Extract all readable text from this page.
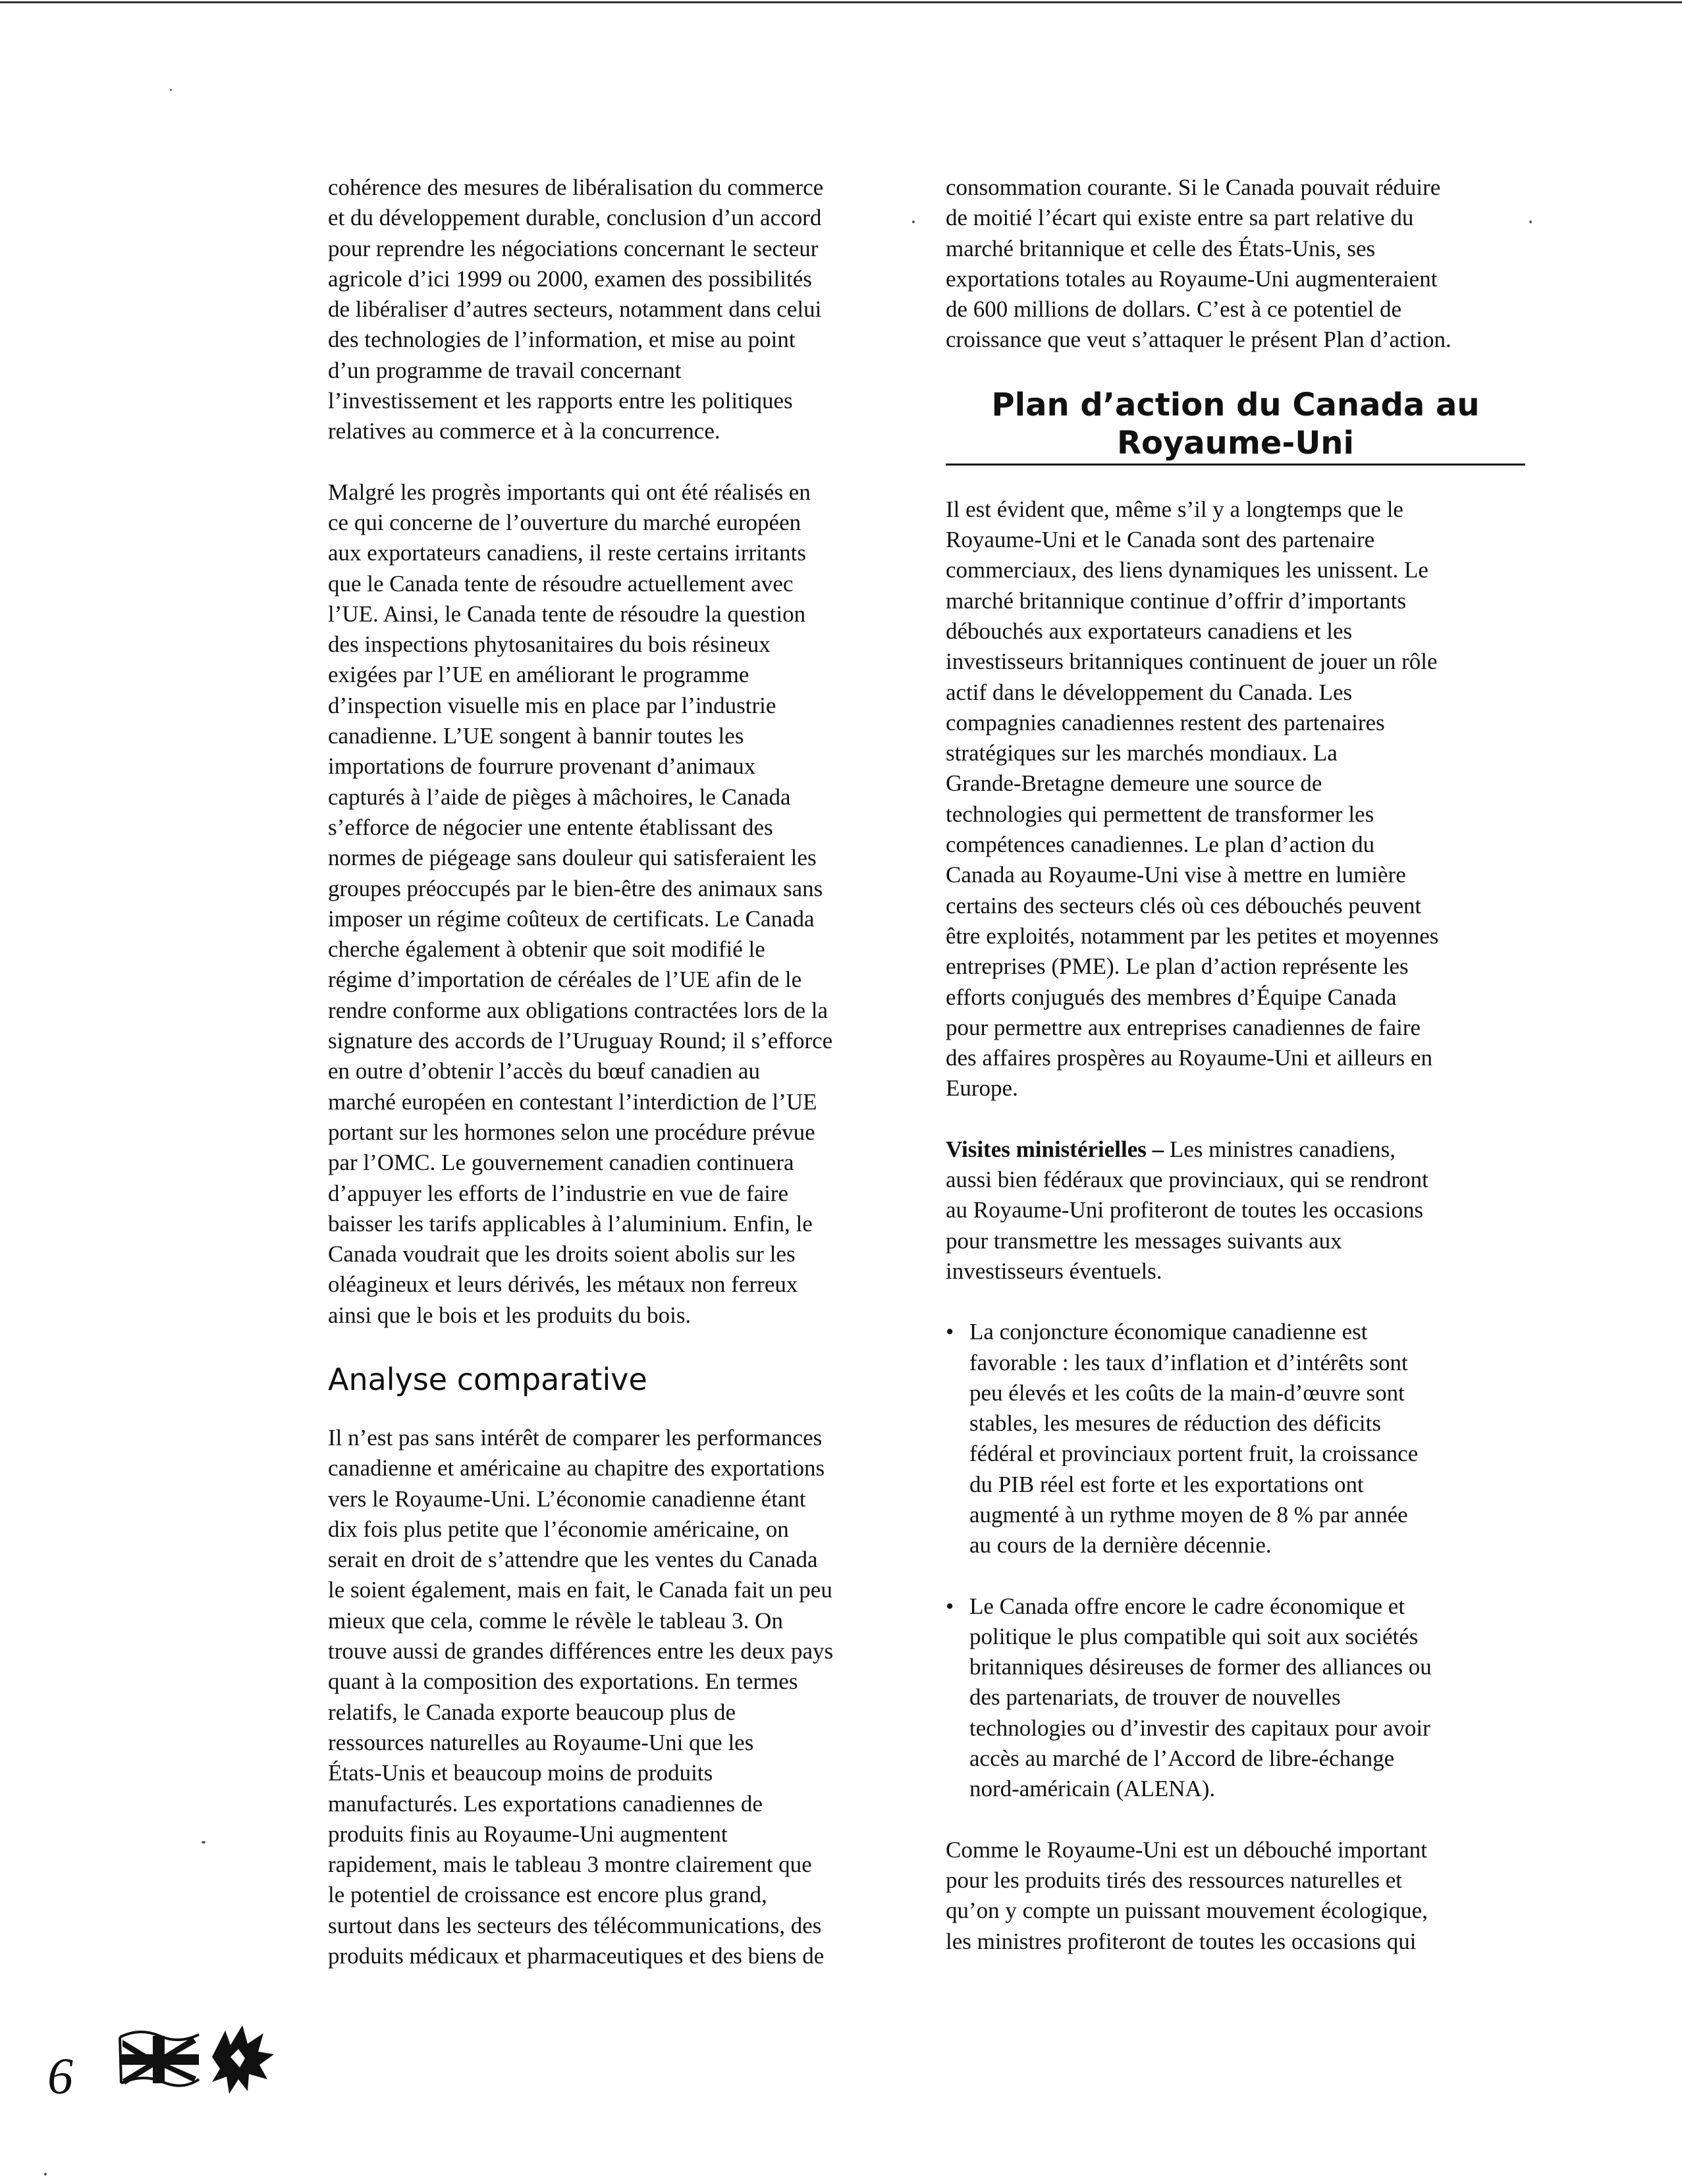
cohérence des mesures de libéralisation du commerce
et du développement durable, conclusion d’un accord
pour reprendre les négociations concernant le secteur
agricole d’ici 1999 ou 2000, examen des possibilités
de libéraliser d’autres secteurs, notamment dans celui
des technologies de l’information, et mise au point
d’un programme de travail concernant
l’investissement et les rapports entre les politiques
relatives au commerce et à la concurrence.

Malgré les progrès importants qui ont été réalisés en
ce qui concerne de l’ouverture du marché européen
aux exportateurs canadiens, il reste certains irritants
que le Canada tente de résoudre actuellement avec
l’UE. Ainsi, le Canada tente de résoudre la question
des inspections phytosanitaires du bois résineux
exigées par l’UE en améliorant le programme
d’inspection visuelle mis en place par l’industrie
canadienne. L’UE songent à bannir toutes les
importations de fourrure provenant d’animaux
capturés à l’aide de pièges à mâchoires, le Canada
s’efforce de négocier une entente établissant des
normes de piégeage sans douleur qui satisferaient les
groupes préoccupés par le bien-être des animaux sans
imposer un régime coûteux de certificats. Le Canada
cherche également à obtenir que soit modifié le
régime d’importation de céréales de l’UE afin de le
rendre conforme aux obligations contractées lors de la
signature des accords de l’Uruguay Round; il s’efforce
en outre d’obtenir l’accès du bœuf canadien au
marché européen en contestant l’interdiction de l’UE
portant sur les hormones selon une procédure prévue
par l’OMC. Le gouvernement canadien continuera
d’appuyer les efforts de l’industrie en vue de faire
baisser les tarifs applicables à l’aluminium. Enfin, le
Canada voudrait que les droits soient abolis sur les
oléagineux et leurs dérivés, les métaux non ferreux
ainsi que le bois et les produits du bois.

Analyse comparative

Il n’est pas sans intérêt de comparer les performances
canadienne et américaine au chapitre des exportations
vers le Royaume-Uni. L’économie canadienne étant
dix fois plus petite que l’économie américaine, on
serait en droit de s’attendre que les ventes du Canada
le soient également, mais en fait, le Canada fait un peu
mieux que cela, comme le révèle le tableau 3. On
trouve aussi de grandes différences entre les deux pays
quant à la composition des exportations. En termes
relatifs, le Canada exporte beaucoup plus de
ressources naturelles au Royaume-Uni que les
États-Unis et beaucoup moins de produits
manufacturés. Les exportations canadiennes de
produits finis au Royaume-Uni augmentent
rapidement, mais le tableau 3 montre clairement que
le potentiel de croissance est encore plus grand,
surtout dans les secteurs des télécommunications, des
produits médicaux et pharmaceutiques et des biens de

consommation courante. Si le Canada pouvait réduire
de moitié l’écart qui existe entre sa part relative du
marché britannique et celle des États-Unis, ses
exportations totales au Royaume-Uni augmenteraient
de 600 millions de dollars. C’est à ce potentiel de
croissance que veut s’attaquer le présent Plan d’action.

Plan d’action du Canada au
Royaume-Uni

Il est évident que, même s’il y a longtemps que le
Royaume-Uni et le Canada sont des partenaire
commerciaux, des liens dynamiques les unissent. Le
marché britannique continue d’offrir d’importants
débouchés aux exportateurs canadiens et les
investisseurs britanniques continuent de jouer un rôle
actif dans le développement du Canada. Les
compagnies canadiennes restent des partenaires
stratégiques sur les marchés mondiaux. La
Grande-Bretagne demeure une source de
technologies qui permettent de transformer les
compétences canadiennes. Le plan d’action du
Canada au Royaume-Uni vise à mettre en lumière
certains des secteurs clés où ces débouchés peuvent
être exploités, notamment par les petites et moyennes
entreprises (PME). Le plan d’action représente les
efforts conjugués des membres d’Équipe Canada
pour permettre aux entreprises canadiennes de faire
des affaires prospères au Royaume-Uni et ailleurs en
Europe.

Visites ministérielles – Les ministres canadiens,
aussi bien fédéraux que provinciaux, qui se rendront
au Royaume-Uni profiteront de toutes les occasions
pour transmettre les messages suivants aux
investisseurs éventuels.

• La conjoncture économique canadienne est
favorable : les taux d’inflation et d’intérêts sont
peu élevés et les coûts de la main-d’œuvre sont
stables, les mesures de réduction des déficits
fédéral et provinciaux portent fruit, la croissance
du PIB réel est forte et les exportations ont
augmenté à un rythme moyen de 8 % par année
au cours de la dernière décennie.
• Le Canada offre encore le cadre économique et
politique le plus compatible qui soit aux sociétés
britanniques désireuses de former des alliances ou
des partenariats, de trouver de nouvelles
technologies ou d’investir des capitaux pour avoir
accès au marché de l’Accord de libre-échange
nord-américain (ALENA).

Comme le Royaume-Uni est un débouché important
pour les produits tirés des ressources naturelles et
qu’on y compte un puissant mouvement écologique,
les ministres profiteront de toutes les occasions qui

6
